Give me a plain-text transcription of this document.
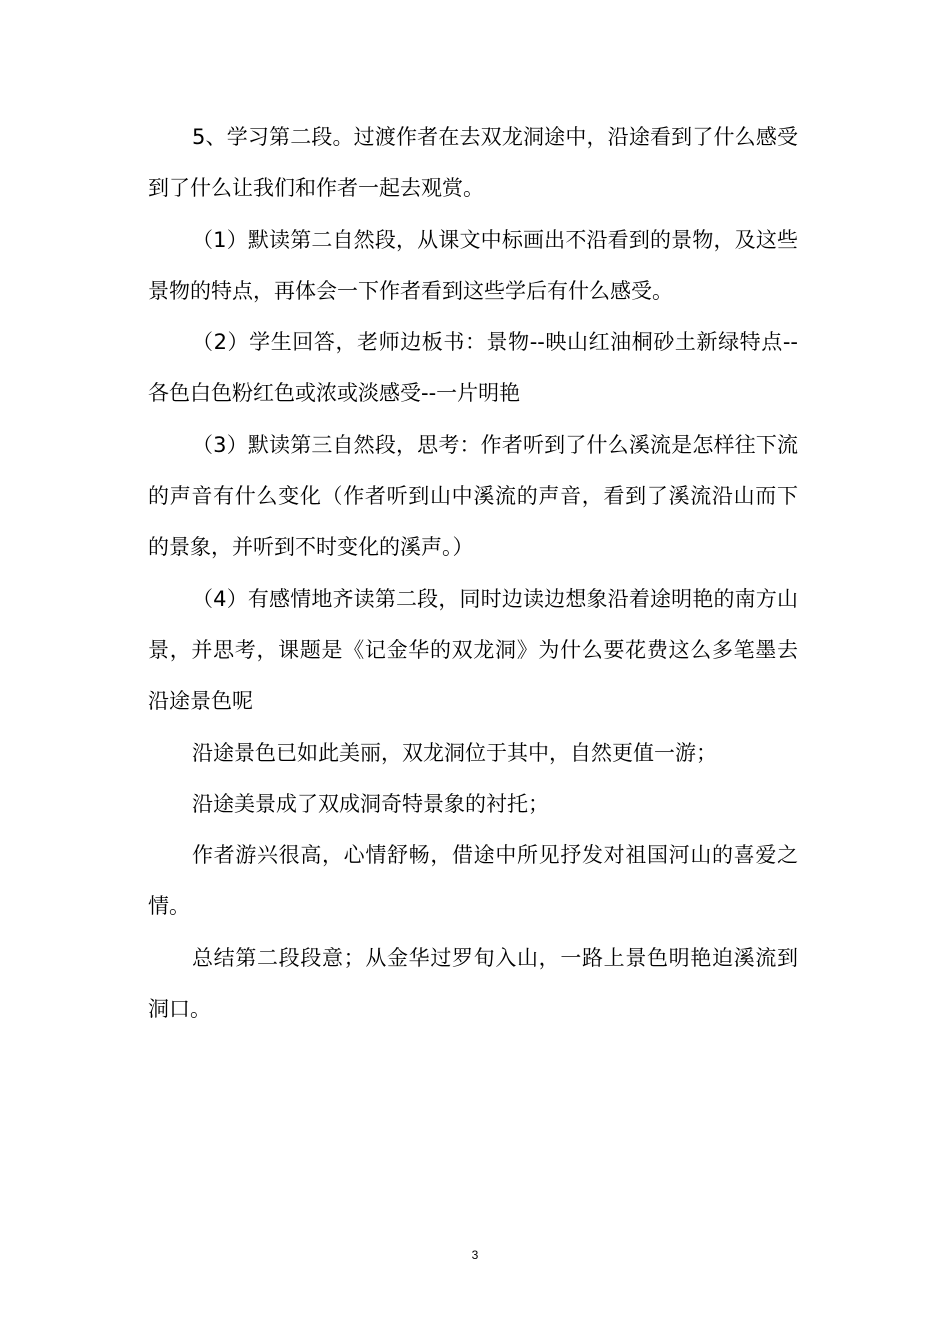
5、学习第二段。过渡作者在去双龙洞途中，沿途看到了什么感受到了什么让我们和作者一起去观赏。

（1）默读第二自然段，从课文中标画出不沿看到的景物，及这些景物的特点，再体会一下作者看到这些学后有什么感受。

（2）学生回答，老师边板书：景物--映山红油桐砂土新绿特点--各色白色粉红色或浓或淡感受--一片明艳

（3）默读第三自然段，思考：作者听到了什么溪流是怎样往下流的声音有什么变化（作者听到山中溪流的声音，看到了溪流沿山而下的景象，并听到不时变化的溪声。）

（4）有感情地齐读第二段，同时边读边想象沿着途明艳的南方山景，并思考，课题是《记金华的双龙洞》为什么要花费这么多笔墨去沿途景色呢

沿途景色已如此美丽，双龙洞位于其中，自然更值一游；

沿途美景成了双成洞奇特景象的衬托；

作者游兴很高，心情舒畅，借途中所见抒发对祖国河山的喜爱之情。

总结第二段段意；从金华过罗旬入山，一路上景色明艳迫溪流到洞口。

3
